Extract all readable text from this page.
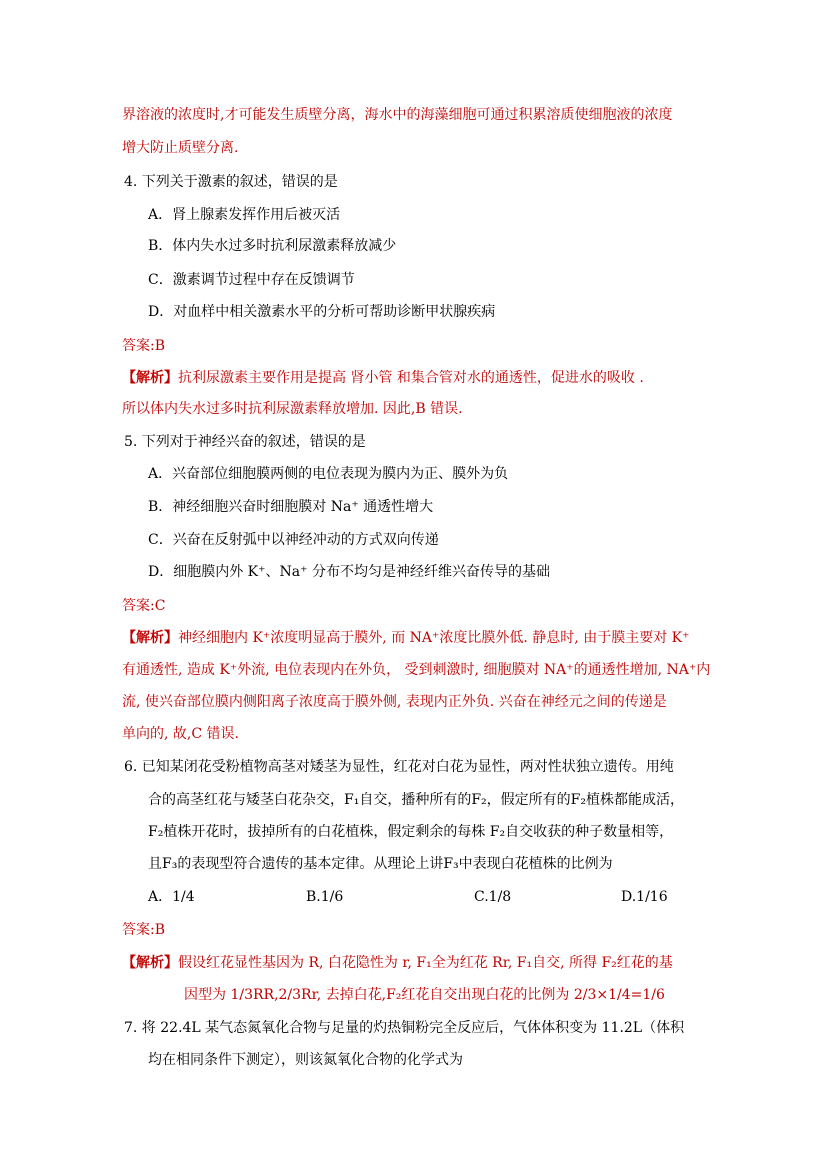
界溶液的浓度时,才可能发生质壁分离，海水中的海藻细胞可通过积累溶质使细胞液的浓度
增大防止质壁分离.
4. 下列关于激素的叙述，错误的是
A．肾上腺素发挥作用后被灭活
B．体内失水过多时抗利尿激素释放减少
C．激素调节过程中存在反馈调节
D．对血样中相关激素水平的分析可帮助诊断甲状腺疾病
答案:B
【解析】抗利尿激素主要作用是提高 肾小管 和集合管对水的通透性，促进水的吸收 .
所以体内失水过多时抗利尿激素释放增加. 因此,B 错误.
5. 下列对于神经兴奋的叙述，错误的是
A．兴奋部位细胞膜两侧的电位表现为膜内为正、膜外为负
B．神经细胞兴奋时细胞膜对 Na⁺ 通透性增大
C．兴奋在反射弧中以神经冲动的方式双向传递
D．细胞膜内外 K⁺、Na⁺ 分布不均匀是神经纤维兴奋传导的基础
答案:C
【解析】神经细胞内 K⁺浓度明显高于膜外, 而 NA⁺浓度比膜外低. 静息时, 由于膜主要对 K⁺
有通透性, 造成 K⁺外流, 电位表现内在外负， 受到刺激时, 细胞膜对 NA⁺的通透性增加, NA⁺内
流, 使兴奋部位膜内侧阳离子浓度高于膜外侧, 表现内正外负. 兴奋在神经元之间的传递是
单向的, 故,C 错误.
6. 已知某闭花受粉植物高茎对矮茎为显性，红花对白花为显性，两对性状独立遗传。用纯
合的高茎红花与矮茎白花杂交，F₁自交，播种所有的F₂，假定所有的F₂植株都能成活，
F₂植株开花时，拔掉所有的白花植株，假定剩余的每株 F₂自交收获的种子数量相等，
且F₃的表现型符合遗传的基本定律。从理论上讲F₃中表现白花植株的比例为
A．1/4	B.1/6	C.1/8	D.1/16
答案:B
【解析】假设红花显性基因为 R, 白花隐性为 r, F₁全为红花 Rr, F₁自交, 所得 F₂红花的基
因型为 1/3RR,2/3Rr, 去掉白花,F₂红花自交出现白花的比例为 2/3×1/4=1/6
7. 将 22.4L 某气态氮氧化合物与足量的灼热铜粉完全反应后，气体体积变为 11.2L（体积
均在相同条件下测定），则该氮氧化合物的化学式为
